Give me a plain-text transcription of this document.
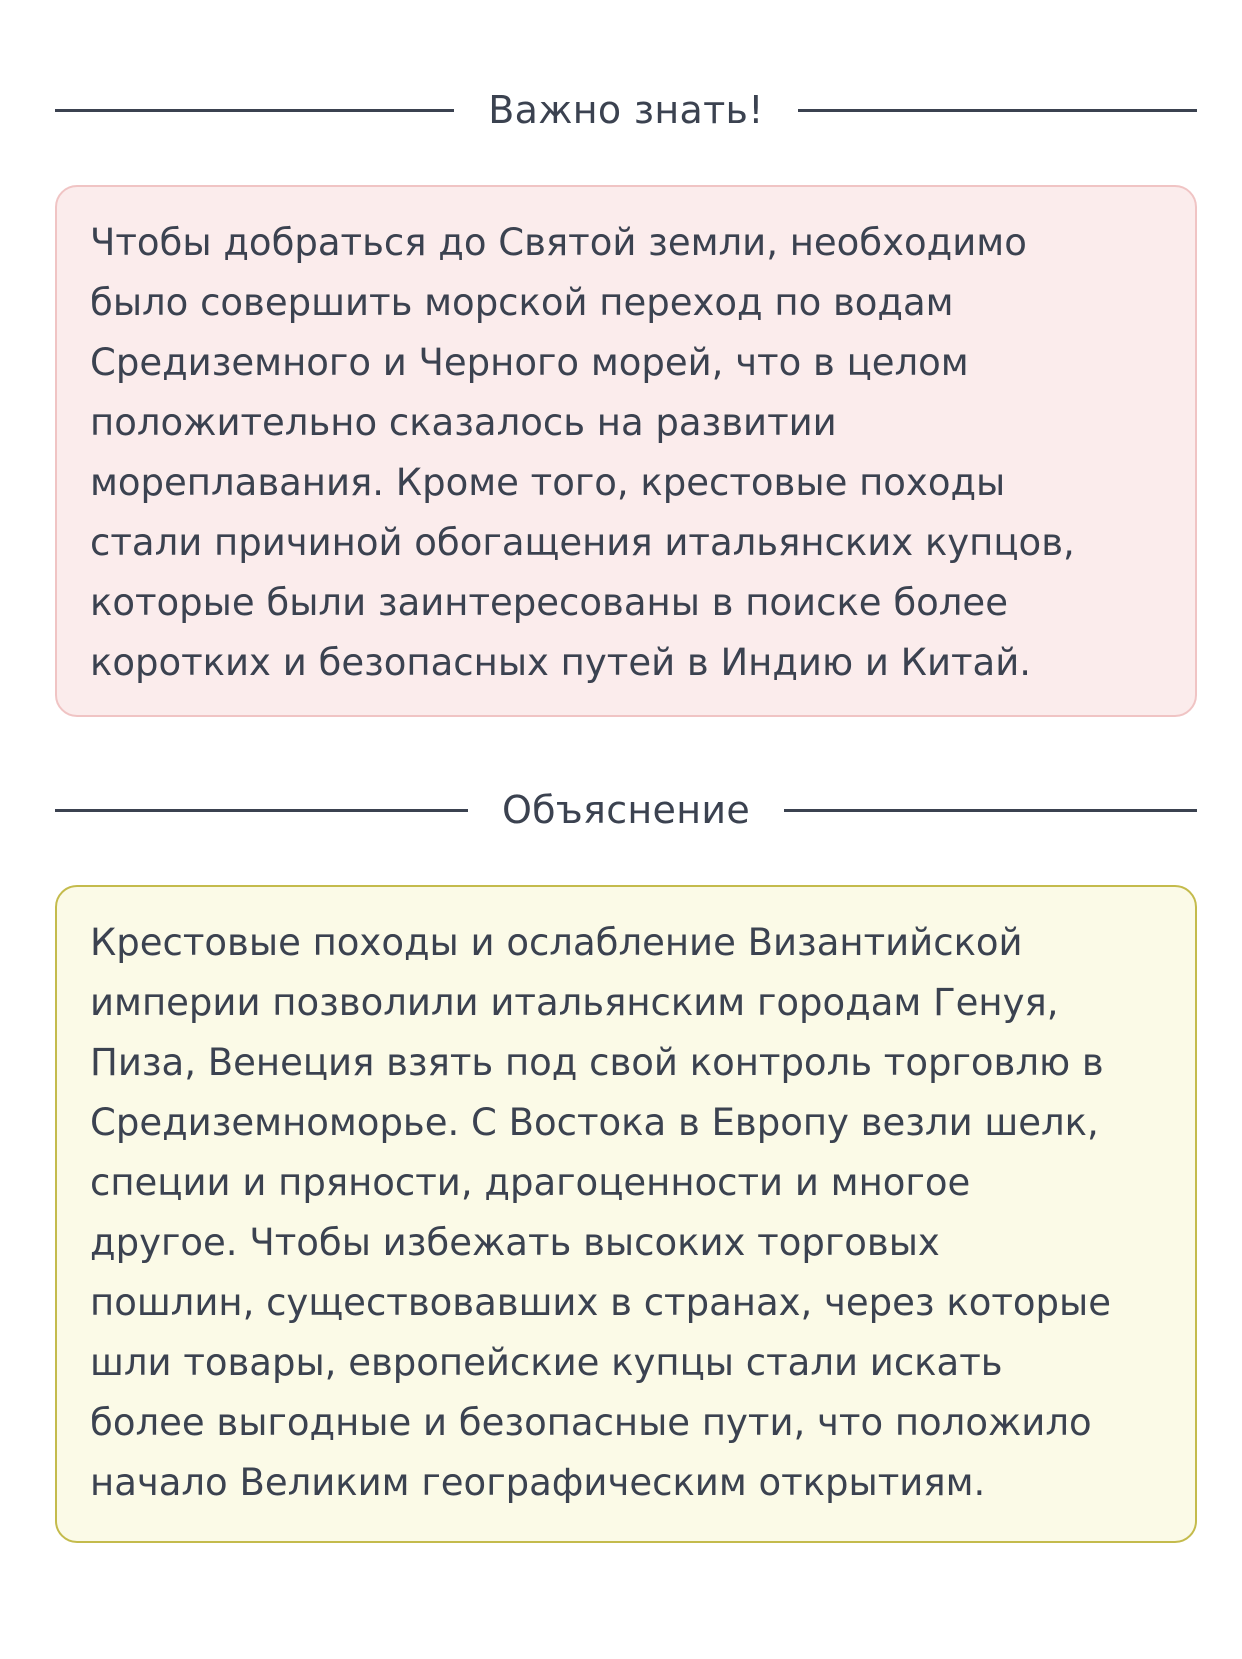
Важно знать!

Чтобы добраться до Святой земли, необходимо
было совершить морской переход по водам
Средиземного и Черного морей, что в целом
положительно сказалось на развитии
мореплавания. Кроме того, крестовые походы
стали причиной обогащения итальянских купцов,
которые были заинтересованы в поиске более
коротких и безопасных путей в Индию и Китай.

Объяснение

Крестовые походы и ослабление Византийской
империи позволили итальянским городам Генуя,
Пиза, Венеция взять под свой контроль торговлю в
Средиземноморье. С Востока в Европу везли шелк,
специи и пряности, драгоценности и многое
другое. Чтобы избежать высоких торговых
пошлин, существовавших в странах, через которые
шли товары, европейские купцы стали искать
более выгодные и безопасные пути, что положило
начало Великим географическим открытиям.
